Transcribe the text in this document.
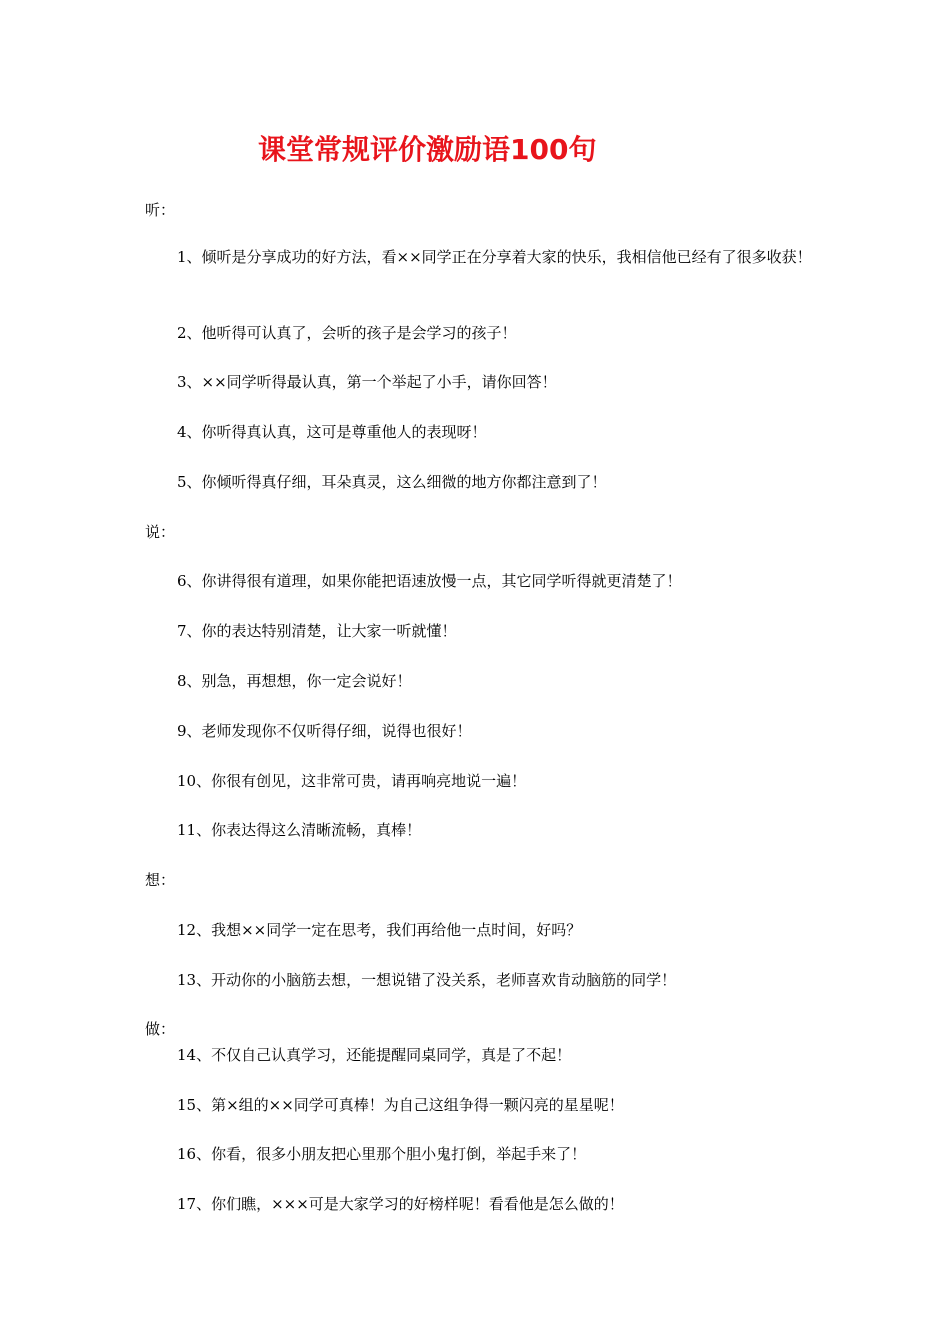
课堂常规评价激励语100句
听：
1、倾听是分享成功的好方法，看××同学正在分享着大家的快乐，我相信他已经有了很多收获！
2、他听得可认真了，会听的孩子是会学习的孩子！
3、××同学听得最认真，第一个举起了小手，请你回答！
4、你听得真认真，这可是尊重他人的表现呀！
5、你倾听得真仔细，耳朵真灵，这么细微的地方你都注意到了！
说：
6、你讲得很有道理，如果你能把语速放慢一点，其它同学听得就更清楚了！
7、你的表达特别清楚，让大家一听就懂！
8、别急，再想想，你一定会说好！
9、老师发现你不仅听得仔细，说得也很好！
10、你很有创见，这非常可贵，请再响亮地说一遍！
11、你表达得这么清晰流畅，真棒！
想：
12、我想××同学一定在思考，我们再给他一点时间，好吗？
13、开动你的小脑筋去想，一想说错了没关系，老师喜欢肯动脑筋的同学！
做：
14、不仅自己认真学习，还能提醒同桌同学，真是了不起！
15、第×组的××同学可真棒！为自己这组争得一颗闪亮的星星呢！
16、你看，很多小朋友把心里那个胆小鬼打倒，举起手来了！
17、你们瞧，×××可是大家学习的好榜样呢！看看他是怎么做的！
